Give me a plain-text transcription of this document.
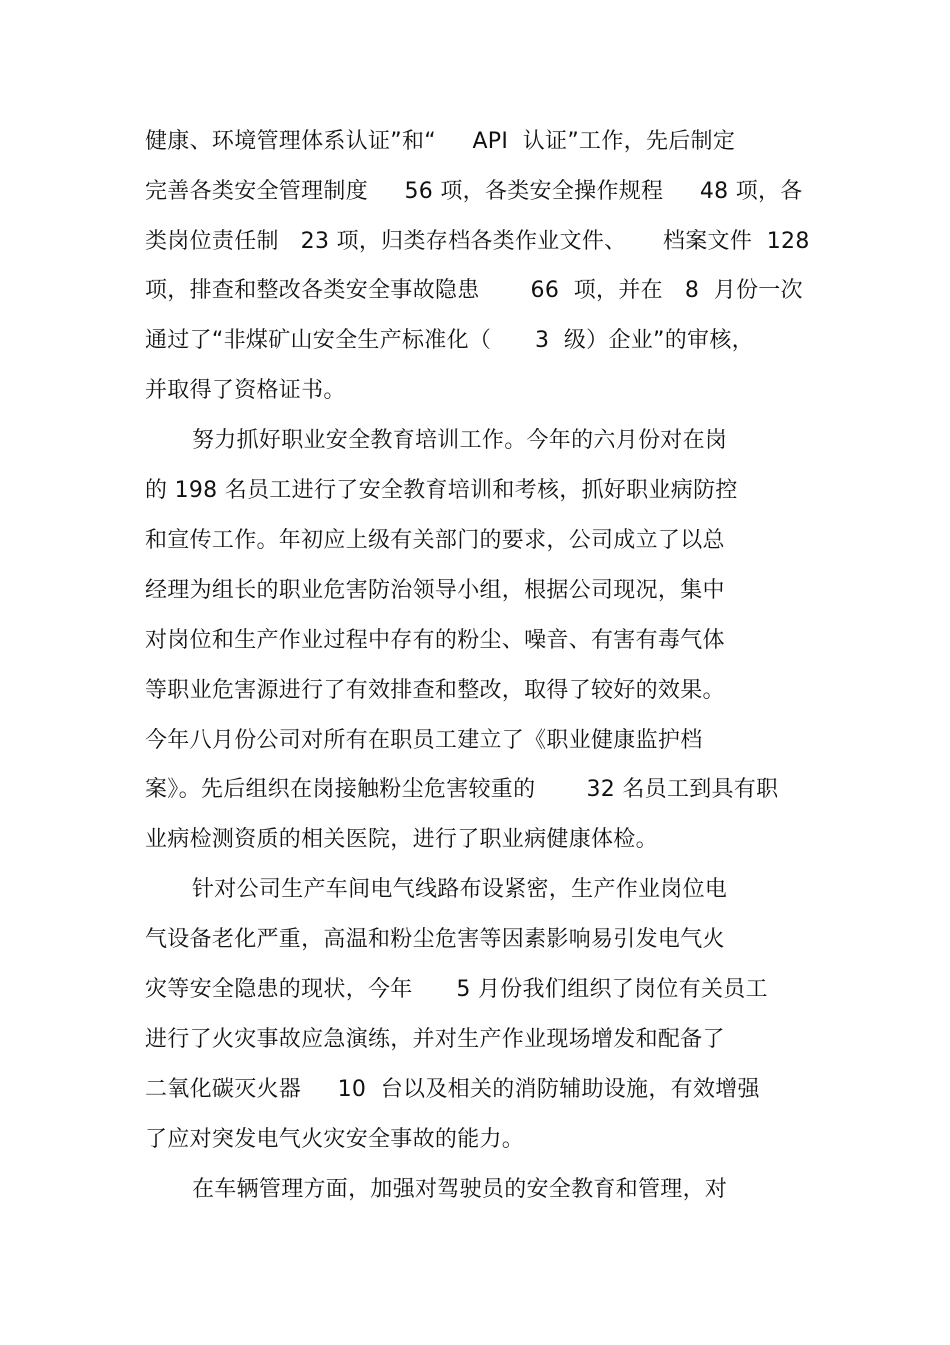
健康、环境管理体系认证”和“     API  认证”工作，先后制定
完善各类安全管理制度     56 项，各类安全操作规程     48 项，各
类岗位责任制   23 项，归类存档各类作业文件、     档案文件  128
项，排查和整改各类安全事故隐患       66  项，并在   8  月份一次
通过了“非煤矿山安全生产标准化（      3  级）企业”的审核，
并取得了资格证书。
努力抓好职业安全教育培训工作。今年的六月份对在岗
的 198 名员工进行了安全教育培训和考核，抓好职业病防控
和宣传工作。年初应上级有关部门的要求，公司成立了以总
经理为组长的职业危害防治领导小组，根据公司现况，集中
对岗位和生产作业过程中存有的粉尘、噪音、有害有毒气体
等职业危害源进行了有效排查和整改，取得了较好的效果。
今年八月份公司对所有在职员工建立了《职业健康监护档
案》。先后组织在岗接触粉尘危害较重的       32 名员工到具有职
业病检测资质的相关医院，进行了职业病健康体检。
针对公司生产车间电气线路布设紧密，生产作业岗位电
气设备老化严重，高温和粉尘危害等因素影响易引发电气火
灾等安全隐患的现状，今年      5 月份我们组织了岗位有关员工
进行了火灾事故应急演练，并对生产作业现场增发和配备了
二氧化碳灭火器     10  台以及相关的消防辅助设施，有效增强
了应对突发电气火灾安全事故的能力。
在车辆管理方面，加强对驾驶员的安全教育和管理，对
